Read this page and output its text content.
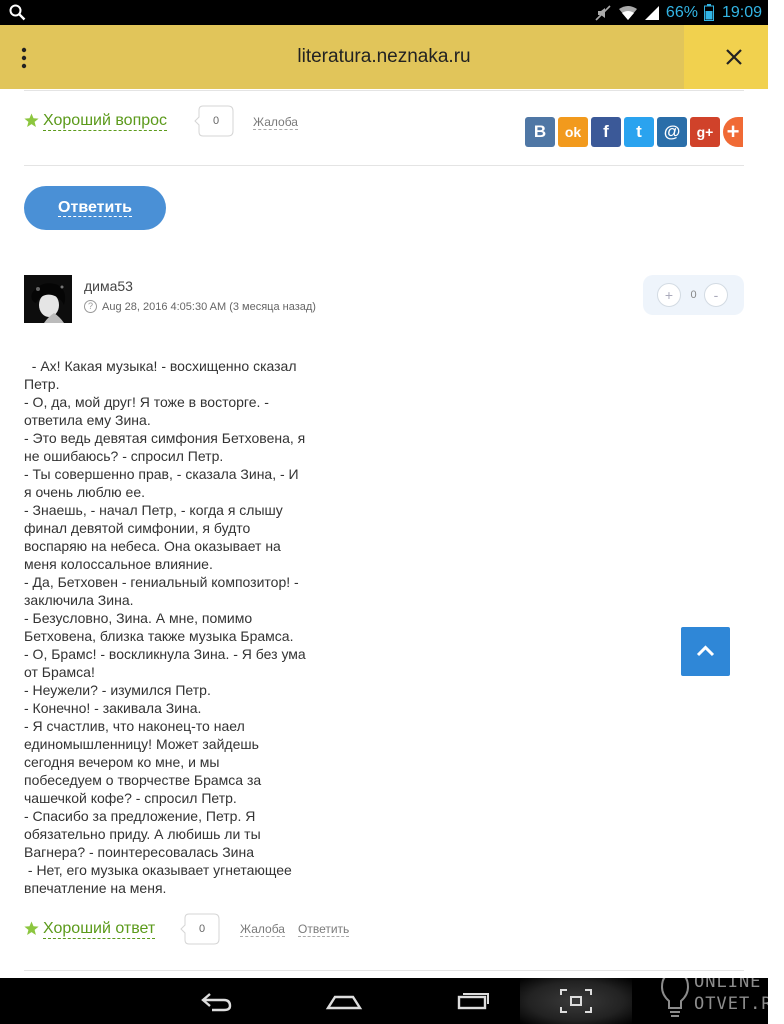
66% 19:09
literatura.neznaka.ru
Хороший вопрос	0	Жалоба	B	ok	f	t	@	g+ +
Ответить
дима53
? Aug 28, 2016 4:05:30 AM (3 месяца назад)
+	0	-
- Ах! Какая музыка! - восхищенно сказал
Петр.
- О, да, мой друг! Я тоже в восторге. -
ответила ему Зина.
- Это ведь девятая симфония Бетховена, я
не ошибаюсь? - спросил Петр.
- Ты совершенно прав, - сказала Зина, - И
я очень люблю ее.
- Знаешь, - начал Петр, - когда я слышу
финал девятой симфонии, я будто
воспаряю на небеса. Она оказывает на
меня колоссальное влияние.
- Да, Бетховен - гениальный композитор! -
заключила Зина.
- Безусловно, Зина. А мне, помимо
Бетховена, близка также музыка Брамса.
- О, Брамс! - воскликнула Зина. - Я без ума
от Брамса!
- Неужели? - изумился Петр.
- Конечно! - закивала Зина.
- Я счастлив, что наконец-то наел
единомышленницу! Может зайдешь
сегодня вечером ко мне, и мы
побеседуем о творчестве Брамса за
чашечкой кофе? - спросил Петр.
- Спасибо за предложение, Петр. Я
обязательно приду. А любишь ли ты
Вагнера? - поинтересовалась Зина
- Нет, его музыка оказывает угнетающее
впечатление на меня.
Хороший ответ	0	Жалоба Ответить
ONLINE
OTVET.RU
